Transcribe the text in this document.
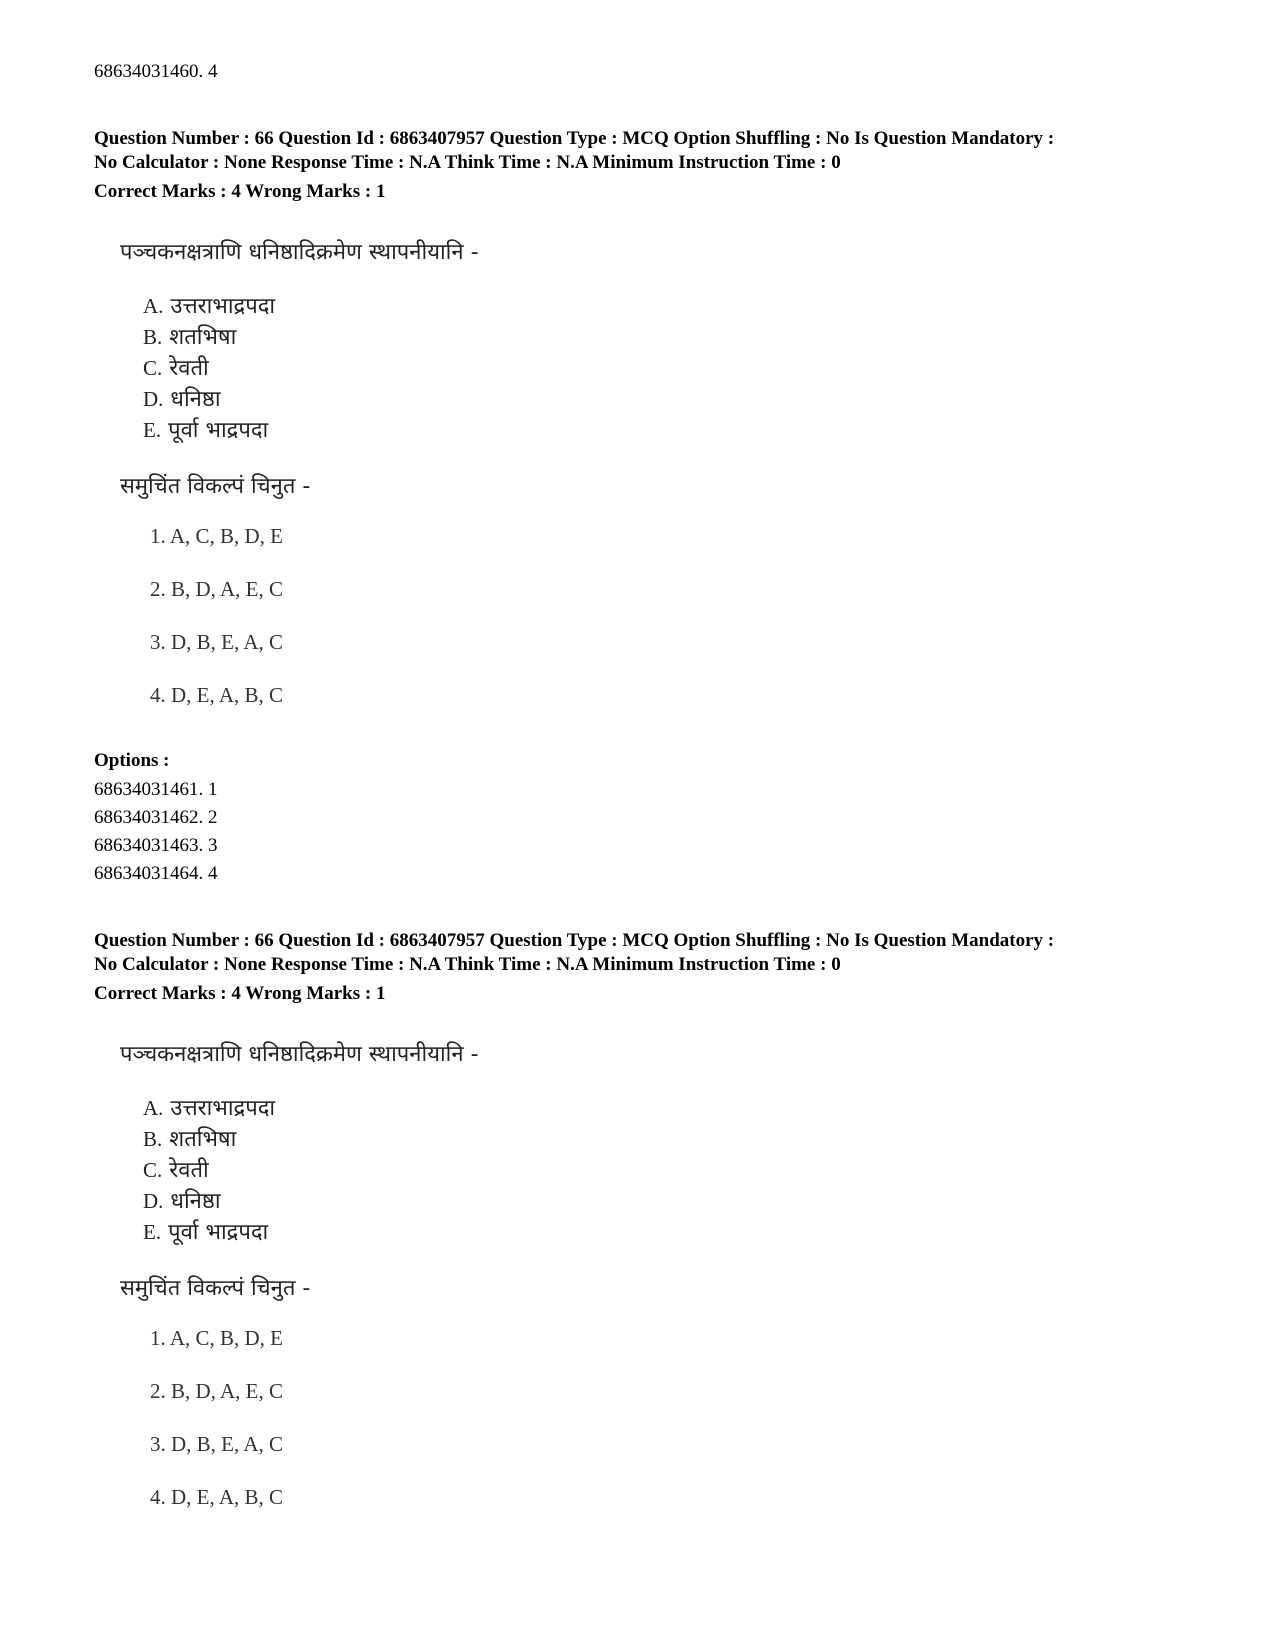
68634031460. 4
Question Number : 66 Question Id : 6863407957 Question Type : MCQ Option Shuffling : No Is Question Mandatory :
No Calculator : None Response Time : N.A Think Time : N.A Minimum Instruction Time : 0
Correct Marks : 4 Wrong Marks : 1
पञ्चकनक्षत्राणि धनिष्ठादिक्रमेण स्थापनीयानि -
A. उत्तराभाद्रपदा
B. शतभिषा
C. रेवती
D. धनिष्ठा
E. पूर्वा भाद्रपदा
समुचिंत विकल्पं चिनुत -
1. A, C, B, D, E
2. B, D, A, E, C
3. D, B, E, A, C
4. D, E, A, B, C
Options :
68634031461. 1
68634031462. 2
68634031463. 3
68634031464. 4
Question Number : 66 Question Id : 6863407957 Question Type : MCQ Option Shuffling : No Is Question Mandatory :
No Calculator : None Response Time : N.A Think Time : N.A Minimum Instruction Time : 0
Correct Marks : 4 Wrong Marks : 1
पञ्चकनक्षत्राणि धनिष्ठादिक्रमेण स्थापनीयानि -
A. उत्तराभाद्रपदा
B. शतभिषा
C. रेवती
D. धनिष्ठा
E. पूर्वा भाद्रपदा
समुचिंत विकल्पं चिनुत -
1. A, C, B, D, E
2. B, D, A, E, C
3. D, B, E, A, C
4. D, E, A, B, C
